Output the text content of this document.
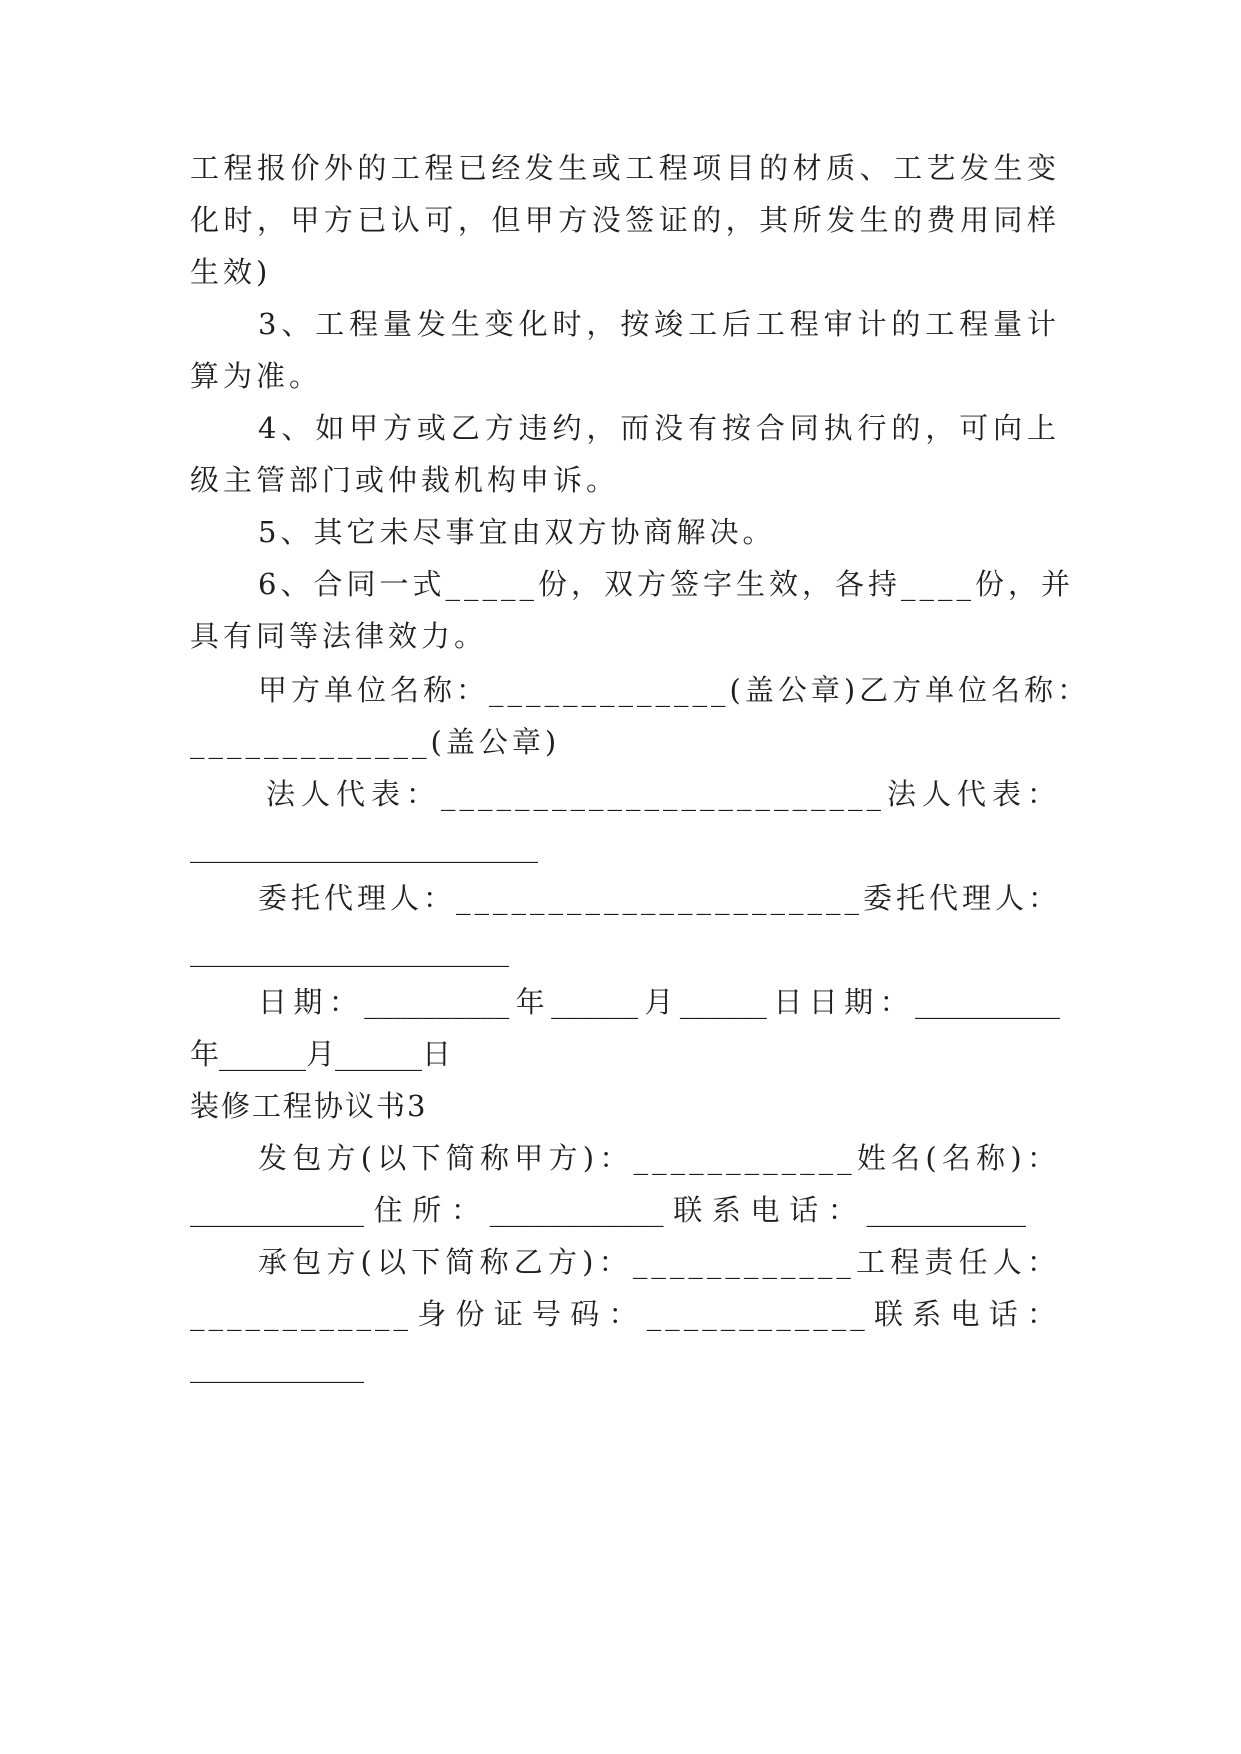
工程报价外的工程已经发生或工程项目的材质、工艺发生变
化时，甲方已认可，但甲方没签证的，其所发生的费用同样
生效)
3、工程量发生变化时，按竣工后工程审计的工程量计
算为准。
4、如甲方或乙方违约，而没有按合同执行的，可向上
级主管部门或仲裁机构申诉。
5、其它未尽事宜由双方协商解决。
6、合同一式_____份，双方签字生效，各持____份，并
具有同等法律效力。
甲方单位名称：_____________(盖公章)乙方单位名称：
_____________(盖公章)
法人代表：________________________法人代表：
________________________
委托代理人：______________________委托代理人：
______________________
日期：__________年______月______日日期：__________
年______月______日
装修工程协议书3
发包方(以下简称甲方)：____________姓名(名称)：
____________住所：____________联系电话：___________
承包方(以下简称乙方)：____________工程责任人：
____________身份证号码：____________联系电话：
____________
